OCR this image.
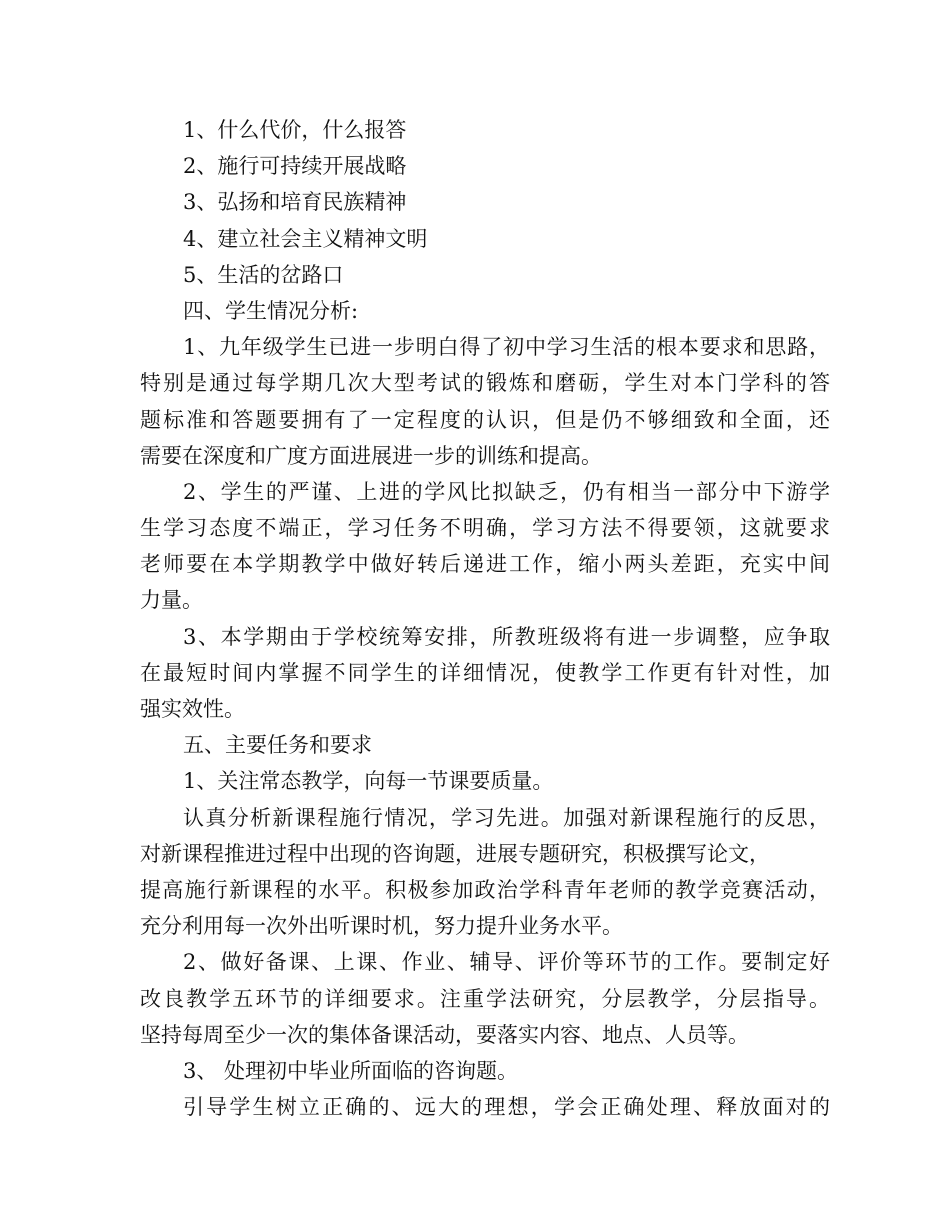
1、什么代价，什么报答
2、施行可持续开展战略
3、弘扬和培育民族精神
4、建立社会主义精神文明
5、生活的岔路口
四、学生情况分析:
1、九年级学生已进一步明白得了初中学习生活的根本要求和思路，
特别是通过每学期几次大型考试的锻炼和磨砺，学生对本门学科的答
题标准和答题要拥有了一定程度的认识，但是仍不够细致和全面，还
需要在深度和广度方面进展进一步的训练和提高。
2、学生的严谨、上进的学风比拟缺乏，仍有相当一部分中下游学
生学习态度不端正，学习任务不明确，学习方法不得要领，这就要求
老师要在本学期教学中做好转后递进工作，缩小两头差距，充实中间
力量。
3、本学期由于学校统筹安排，所教班级将有进一步调整，应争取
在最短时间内掌握不同学生的详细情况，使教学工作更有针对性，加
强实效性。
五、主要任务和要求
1、关注常态教学，向每一节课要质量。
认真分析新课程施行情况，学习先进。加强对新课程施行的反思，
对新课程推进过程中出现的咨询题，进展专题研究，积极撰写论文，
提高施行新课程的水平。积极参加政治学科青年老师的教学竞赛活动，
充分利用每一次外出听课时机，努力提升业务水平。
2、做好备课、上课、作业、辅导、评价等环节的工作。要制定好
改良教学五环节的详细要求。注重学法研究，分层教学，分层指导。
坚持每周至少一次的集体备课活动，要落实内容、地点、人员等。
3、 处理初中毕业所面临的咨询题。
引导学生树立正确的、远大的理想，学会正确处理、释放面对的
